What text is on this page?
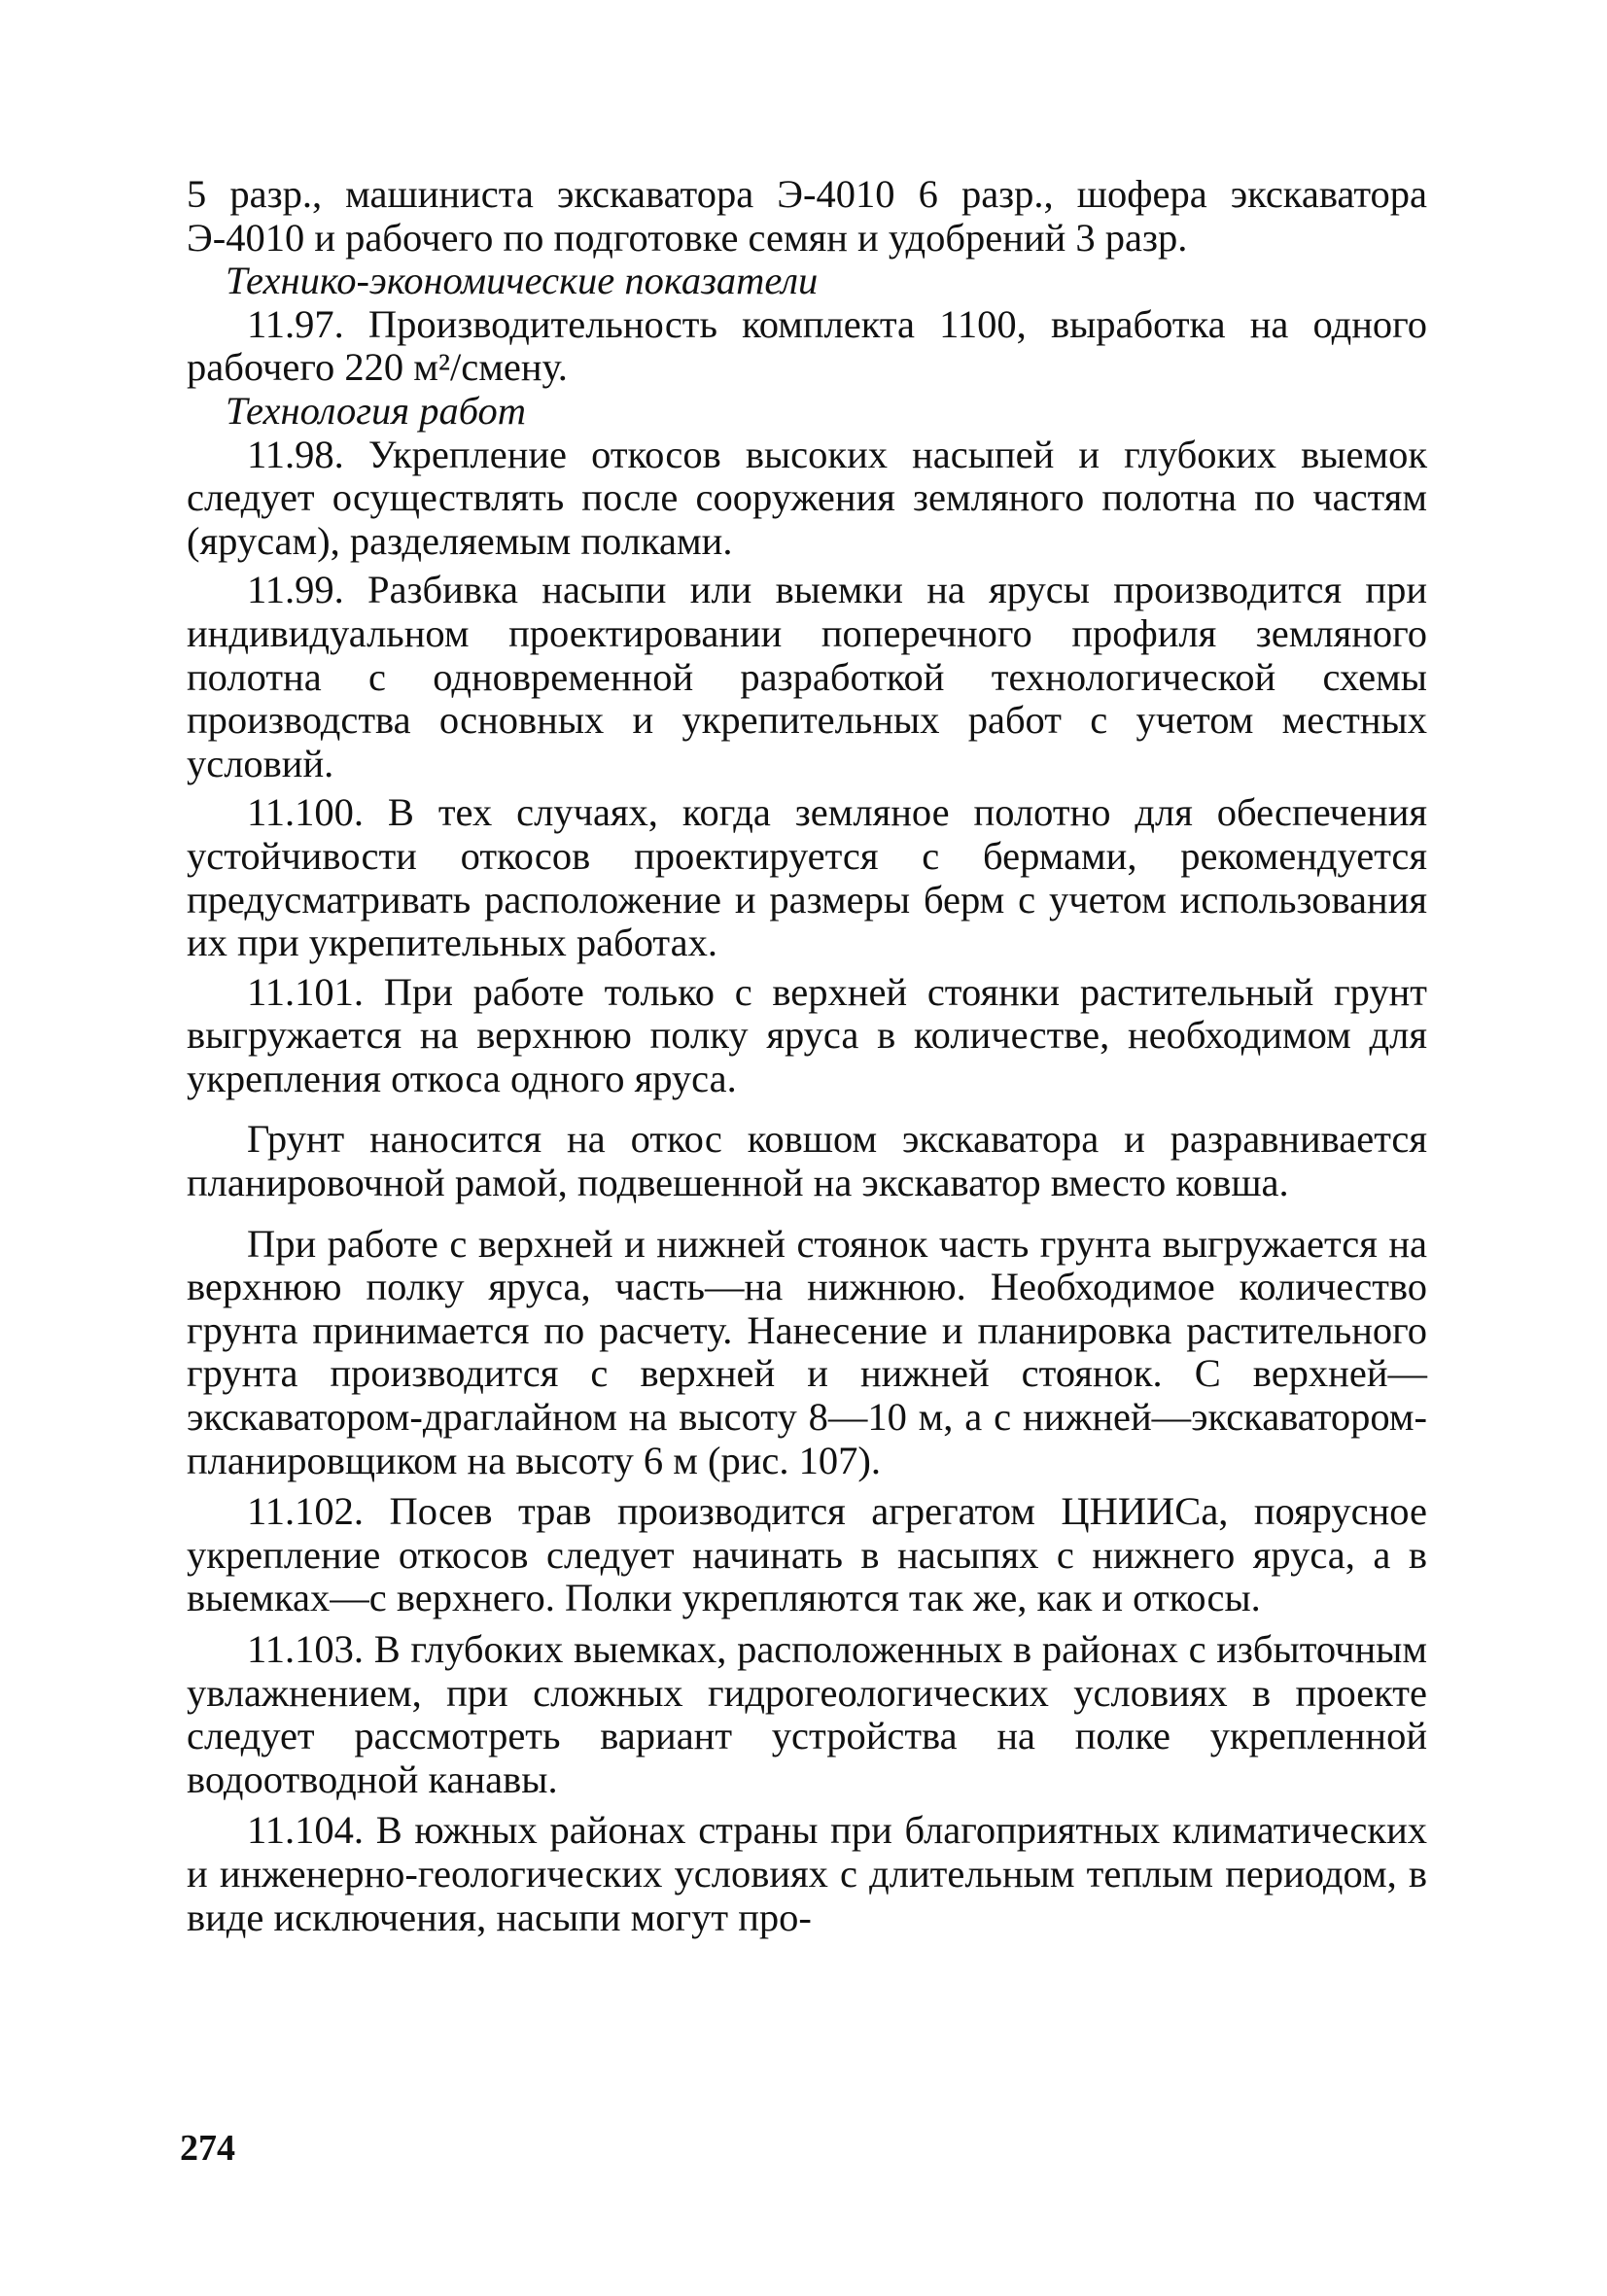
5 разр., машиниста экскаватора Э-4010 6 разр., шофера экскаватора Э-4010 и рабочего по подготовке семян и удобрений 3 разр.

Технико-экономические показатели

11.97. Производительность комплекта 1100, выработка на одного рабочего 220 м²/смену.

Технология работ

11.98. Укрепление откосов высоких насыпей и глубоких выемок следует осуществлять после сооружения земляного полотна по частям (ярусам), разделяемым полками.

11.99. Разбивка насыпи или выемки на ярусы производится при индивидуальном проектировании поперечного профиля земляного полотна с одновременной разработкой технологической схемы производства основных и укрепительных работ с учетом местных условий.

11.100. В тех случаях, когда земляное полотно для обеспечения устойчивости откосов проектируется с бермами, рекомендуется предусматривать расположение и размеры берм с учетом использования их при укрепительных работах.

11.101. При работе только с верхней стоянки растительный грунт выгружается на верхнюю полку яруса в количестве, необходимом для укрепления откоса одного яруса.

Грунт наносится на откос ковшом экскаватора и разравнивается планировочной рамой, подвешенной на экскаватор вместо ковша.

При работе с верхней и нижней стоянок часть грунта выгружается на верхнюю полку яруса, часть—на нижнюю. Необходимое количество грунта принимается по расчету. Нанесение и планировка растительного грунта производится с верхней и нижней стоянок. С верхней—экскаватором-драглайном на высоту 8—10 м, а с нижней—экскаватором-планировщиком на высоту 6 м (рис. 107).

11.102. Посев трав производится агрегатом ЦНИИСа, поярусное укрепление откосов следует начинать в насыпях с нижнего яруса, а в выемках—с верхнего. Полки укрепляются так же, как и откосы.

11.103. В глубоких выемках, расположенных в районах с избыточным увлажнением, при сложных гидрогеологических условиях в проекте следует рассмотреть вариант устройства на полке укрепленной водоотводной канавы.

11.104. В южных районах страны при благоприятных климатических и инженерно-геологических условиях с длительным теплым периодом, в виде исключения, насыпи могут про-

274
